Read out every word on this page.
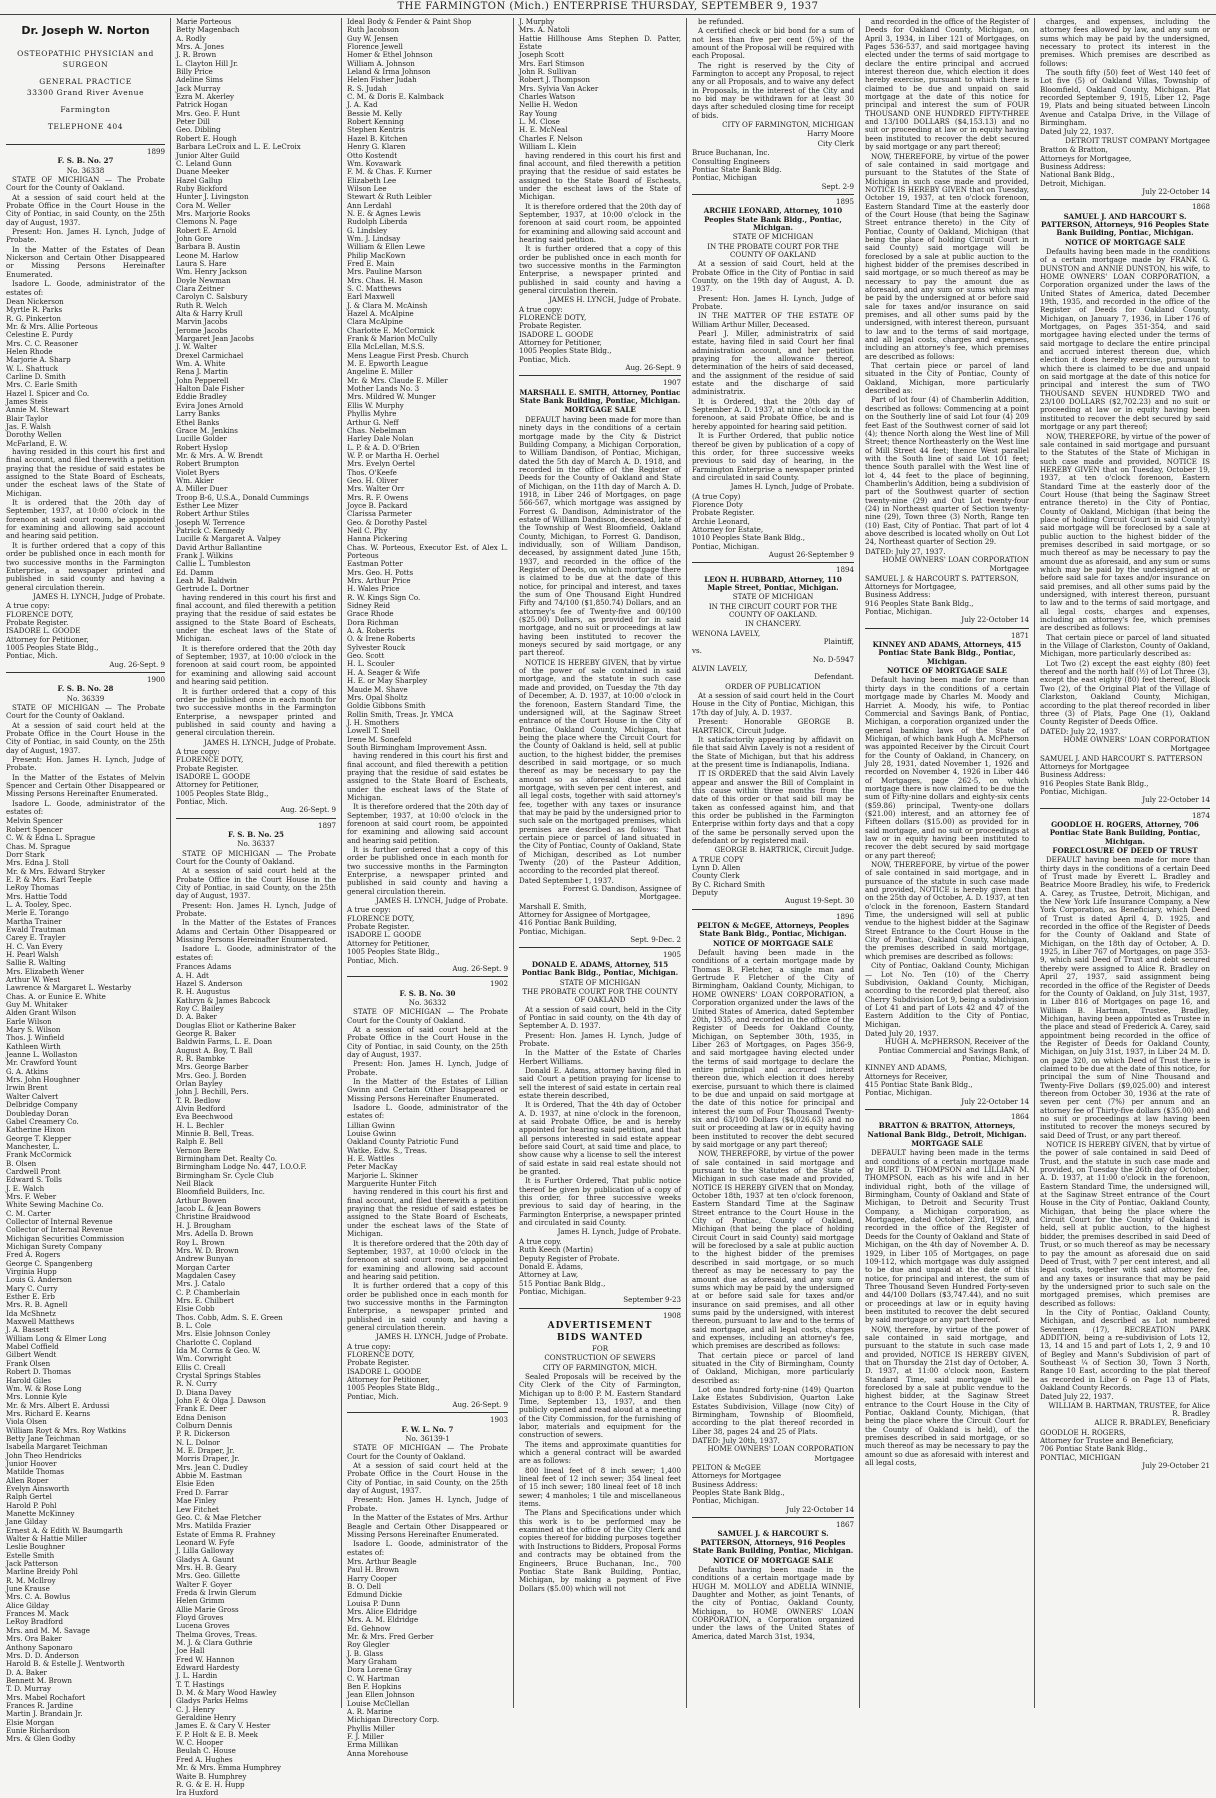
THE FARMINGTON (Mich.) ENTERPRISE THURSDAY, SEPTEMBER 9, 1937
Dr. Joseph W. Norton
OSTEOPATHIC PHYSICIAN and
SURGEON
GENERAL PRACTICE
33300 Grand River Avenue
Farmington
TELEPHONE 404

1899

F. S. B. No. 27

No. 36338

STATE OF MICHIGAN — The Probate Court for the County of Oakland.

At a session of said court held at the Probate Office in the Court House in the City of Pontiac, in said County, on the 25th day of August, 1937.

Present: Hon. James H. Lynch, Judge of Probate.

In the Matter of the Estates of Dean Nickerson and Certain Other Disappeared or Missing Persons Hereinafter Enumerated.

Isadore L. Goode, administrator of the estates of:

Dean Nickerson

Myrtle R. Parks

R. G. Pinkerton

Mr. & Mrs. Allie Porteous

Celestine E. Purdy

Mrs. C. C. Reasoner

Helen Rhode

Marjorie A. Sharp

W. L. Shattuck

Carline D. Smith

Mrs. C. Earle Smith

Hazel I. Spicer and Co.

James Steis

Annie M. Stewart

Blair Taylor

Jas. F. Walsh

Dorothy Wellen

McFarland, E. W.

having resided in this court his first and final account, and filed therewith a petition praying that the residue of said estates be assigned to the State Board of Escheats, under the escheat laws of the State of Michigan.

It is ordered that the 20th day of September, 1937, at 10:00 o'clock in the forenoon at said court room, be appointed for examining and allowing said account and hearing said petition.

It is further ordered that a copy of this order be published once in each month for two successive months in the Farmington Enterprise, a newspaper printed and published in said county and having a general circulation therein.

JAMES H. LYNCH, Judge of Probate.

A true copy:

FLORENCE DOTY,

Probate Register.

ISADORE L. GOODE

Attorney for Petitioner,

1005 Peoples State Bldg.,

Pontiac, Mich.

Aug. 26-Sept. 9

1900

F. S. B. No. 28

No. 36339

STATE OF MICHIGAN — The Probate Court for the County of Oakland.

At a session of said court held at the Probate Office in the Court House in the City of Pontiac, in said County, on the 25th day of August, 1937.

Present: Hon. James H. Lynch, Judge of Probate.

In the Matter of the Estates of Melvin Spencer and Certain Other Disappeared or Missing Persons Hereinafter Enumerated.

Isadore L. Goode, administrator of the estates of:

Melvin Spencer

Robert Spencer

C. W. & Edna L. Sprague

Chas. M. Sprague

Dorr Stark

Mrs. Edna J. Stoll

Mr. & Mrs. Edward Stryker

E. P. & Mrs. Earl Teeple

LeRoy Thomas

Mrs. Hattie Todd

L. A. Tooley, Spec.

Merle E. Torango

Martha Trainer

Ewald Trautman

Carey E. Trayler

H. C. Van Every

H. Pearl Walsh

Sallie R. Walting

Mrs. Elizabeth Wener

Arthur W. West

Lawrence & Margaret L. Westarby

Chas. A. or Eunice E. White

Guy M. Whitaker

Alden Grant Wilson

Earle Wilson

Mary S. Wilson

Thos. J. Winfield

Kathleen Wirth

Jeanne L. Wollaston

Mr. Crawford Yount

G. A. Atkins

Mrs. John Houghner

Irwin Brent

Walter Calvert

Delbridge Company

Doubleday Doran

Gabel Creamery Co.

Katherine Hixon

George T. Klepper

Manchester, L.

Frank McCormick

B. Olsen

Cardwell Pront

Edward S. Tolls

J. E. Walch

Mrs. F. Weber

White Sewing Machine Co.

C. M. Carter

Collector of Internal Revenue

Collector of Internal Revenue

Michigan Securities Commission

Michigan Surety Company

Fred A. Rogers

George C. Spangenberg

Virginia Hupp

Louis G. Anderson

Mary C. Curry

Esther E. Erb

Mrs. R. B. Agnell

Ida McShnetz

Maxwell Matthews

J. A. Bassett

William Long & Elmer Long

Mabel Coffield

Gilbert Wendt

Frank Olsen

Robert D. Thomas

Harold Giles

Wm. W. & Rose Long

Mrs. Lonnie Kyle

Mr. & Mrs. Albert E. Ardussi

Mrs. Richard E. Kearns

Viola Olsen

William Royt & Mrs. Roy Watkins

Betty Jane Teichman

Isabella Margaret Teichman

John Theo Hendricks

Junior Hoover

Matilde Thomas

Allen Roper

Evelyn Ainsworth

Ralph Gertel

Harold P. Pohl

Manette McKinney

Jane Gilday

Ernest A. & Edith W. Baumgarth

Walter & Hattie Miller

Leslie Boughner

Estelle Smith

Jack Patterson

Marline Breidy Pohl

R. M. McIlroy

June Krause

Mrs. C. A. Bowlus

Alice Gilday

Frances M. Mack

LeRoy Bradford

Mrs. and M. M. Savage

Mrs. Ora Baker

Anthony Saponaro

Mrs. D. D. Anderson

Harold B. & Estelle J. Wentworth

D. A. Baker

Bennett M. Brown

T. D. Murray

Mrs. Mabel Rochafort

Frances R. Jardine

Martin J. Brandain Jr.

Elsie Morgan

Eunie Richardson

Mrs. & Glen Godby

Marie Porteous

Betty Magenbach

A. Rodly

Mrs. A. Jones

J. R. Brown

L. Clayton Hill Jr.

Billy Price

Adeline Sims

Jack Murray

Ezra M. Akerley

Patrick Hogan

Mrs. Geo. F. Hunt

Peter Dill

Geo. Dibling

Robert E. Hough

Barbara LeCroix and L. E. LeCroix

Junior Alter Guild

C. Leland Gunn

Duane Meeker

Hazel Gallup

Ruby Bickford

Hunter J. Livingston

Cora M. Weller

Mrs. Marjorie Rooks

Clemons N. Page

Robert E. Arnold

John Gore

Barbara B. Austin

Leone M. Harlow

Laura S. Hare

Wm. Henry Jackson

Doyle Newman

Clara Zeitner

Carolyn C. Salsbury

Ruth R. Welch

Alta & Harry Krull

Marvin Jacobs

Jerome Jacobs

Margaret Jean Jacobs

J. W. Walter

Drexel Carmichael

Wm. A. White

Rena J. Martin

John Pepperell

Halton Dale Fisher

Eddie Bradley

Evira Jones Arnold

Larry Banks

Ethel Banks

Grace M. Jenkins

Lucille Golder

Robert Hyslop

Mr. & Mrs. A. W. Brendt

Robert Brumpton

Violet Byers

Wm. Akier

A. Miller Duer

Troop B-6, U.S.A., Donald Cummings

Esther Lee Mizer

Robert Arthur Stiles

Joseph W. Terrence

Patrick C. Kennedy

Lucille & Margaret A. Valpey

David Arthur Ballantine

Frank J. Wilkins

Callie L. Tumbleston

Ed. Damm

Leah M. Baldwin

Gertrude L. Dortner

having rendered in this court his first and final account, and filed therewith a petition praying that the residue of said estates be assigned to the State Board of Escheats, under the escheat laws of the State of Michigan.

It is therefore ordered that the 20th day of September, 1937, at 10:00 o'clock in the forenoon at said court room, be appointed for examining and allowing said account and hearing said petition.

It is further ordered that a copy of this order be published once in each month for two successive months in the Farmington Enterprise, a newspaper printed and published in said county and having a general circulation therein.

JAMES H. LYNCH, Judge of Probate.

A true copy:

FLORENCE DOTY,

Probate Register.

ISADORE L. GOODE

Attorney for Petitioner,

1005 Peoples State Bldg.,

Pontiac, Mich.

Aug. 26-Sept. 9

1897

F. S. B. No. 25

No. 36337

STATE OF MICHIGAN — The Probate Court for the County of Oakland.

At a session of said court held at the Probate Office in the Court House in the City of Pontiac, in said County, on the 25th day of August, 1937.

Present: Hon. James H. Lynch, Judge of Probate.

In the Matter of the Estates of Frances Adams and Certain Other Disappeared or Missing Persons Hereinafter Enumerated.

Isadore L. Goode, administrator of the estates of:

Frances Adams

A. H. Adt

Hazel S. Anderson

R. H. Augustus

Kathryn & James Babcock

Roy C. Bailey

D. A. Baker

Douglas Eliot or Katherine Baker

George R. Baker

Baldwin Farms, L. E. Doan

August A. Boy, T. Ball

R. R. Bambke

Mrs. George Barber

Mrs. Geo. J. Borden

Orlan Bayley

John J. Bechill, Pers.

T. R. Bedlow

Alvin Bedford

Eva Beechwood

H. L. Bechler

Minnie B. Bell, Treas.

Ralph E. Bell

Vernon Bere

Birmingham Det. Realty Co.

Birmingham Lodge No. 447, I.O.O.F.

Birmingham Sr. Cycle Club

Neil Black

Bloomfield Builders, Inc.

Arthur Bowen

Jacob L. & Jean Bowers

Christine Braidwood

H. J. Brougham

Mrs. Adella D. Brown

Roy L. Brown

Mrs. W. D. Brown

Andrew Bunyan

Morgan Carter

Magdalen Casey

Mrs. J. Catalo

C. P. Chamberlain

Mrs. E. Chilbert

Elsie Cobb

Thos. Cobb, Adm. S. E. Green

B. L. Cole

Mrs. Elsie Johnson Conley

Charlotte C. Copland

Ida M. Corns & Geo. W.

Wm. Corwright

Ellis C. Creall

Crystal Springs Stables

R. N. Curry

D. Diana Davey

John F. & Olga J. Dawson

Frank E. Deer

Edna Denison

Colburn Dennis

P. R. Dickerson

N. L. Dolnor

M. E. Draper, Jr.

Morris Draper, Jr.

Mrs. Jean C. Dudley

Abbie M. Eastman

Elsie Eden

Fred D. Farrar

Mae Finley

Lew Fitchet

Geo. C. & Mae Fletcher

Mrs. Matilda Frazier

Estate of Emma R. Frahney

Leonard W. Fyfe

J. Lilla Galloway

Gladys A. Gaunt

Mrs. H. B. Geary

Mrs. Geo. Gillette

Walter F. Goyer

Freda & Irwin Glerum

Helen Grimm

Allie Marie Gross

Floyd Groves

Lucena Groves

Thelma Groves, Treas.

M. J. & Clara Guthrie

Joe Hall

Fred W. Hannon

Edward Hardesty

J. L. Hardin

T. T. Hastings

D. M. & Mary Wood Hawley

Gladys Parks Helms

C. J. Henry

Geraldine Henry

James E. & Cary V. Hester

F. P. Holt & E. B. Meek

W. C. Hooper

Beulah C. House

Fred A. Hughes

Mr. & Mrs. Emma Humphrey

Waite B. Humphrey

R. G. & E. H. Hupp

Ira Huxford

Ideal Body & Fender & Paint Shop

Ruth Jacobson

Guy W. Jensen

Florence Jewell

Homer & Ethel Johnson

William A. Johnson

Leland & Irma Johnson

Helen Fisher Judah

R. S. Judah

C. M. & Doris E. Kalmback

J. A. Kad

Bessie M. Kelly

Robert Kenning

Stephen Kentris

Hazel B. Kitchen

Henry G. Klaren

Otto Kostendt

Wm. Kovawark

F. M. & Chas. F. Kurner

Elizabeth Lee

Wilson Lee

Stewart & Ruth Leibler

Ann Lerdahl

N. E. & Agnes Lewis

Rudolph Liberda

G. Lindsley

Wm. J. Lindsay

William & Ellen Lewe

Philip MacKown

Fred E. Main

Mrs. Pauline Marson

Mrs. Chas. H. Mason

S. C. Matthews

Earl Maxwell

J. & Clara M. McAinsh

Hazel A. McAlpine

Clara McAlpine

Charlotte E. McCormick

Frank & Marion McCully

Ella McLellan, M.S.S.

Mens League First Presb. Church

M. E. Epworth League

Angeline E. Miller

Mr. & Mrs. Claude E. Miller

Mother Lands No. 3

Mrs. Mildred W. Munger

Ellis W. Murphy

Phyllis Myhre

Arthur G. Neff

Chas. Nebelman

Harley Dale Nolan

L. P. & A. D. O'Brien

W. P. or Martha H. Oerhel

Mrs. Evelyn Oertel

Thos. O'Keefe

Geo. H. Oliver

Mrs. Walter Orr

Mrs. R. F. Owens

Joyce B. Packard

Clarissa Parmeter

Geo. & Dorothy Pastel

Neil C. Phy

Hanna Pickering

Chas. W. Porteous, Executor Est. of Alex L. Porteous

Eastman Potter

Mrs. Geo. H. Potts

Mrs. Arthur Price

H. Wales Price

R. W. Kings Sign Co.

Sidney Reid

Grace Rhode

Dora Richman

A. A. Roberts

O. & Irene Roberts

Sylvester Rouck

Geo. Scott

H. L. Scouler

H. A. Seager & Wife

H. E. or May Sharpley

Maude M. Shave

Mrs. Opal Sholtz

Goldie Gibbons Smith

Rollin Smith, Treas. Jr. YMCA

J. H. Smothers

Lowell T. Snell

Irene M. Sonefeld

South Birmingham Improvement Assn.

having rendered in this court his first and final account, and filed therewith a petition praying that the residue of said estates be assigned to the State Board of Escheats, under the escheat laws of the State of Michigan.

It is therefore ordered that the 20th day of September, 1937, at 10:00 o'clock in the forenoon at said court room, be appointed for examining and allowing said account and hearing said petition.

It is further ordered that a copy of this order be published once in each month for two successive months in the Farmington Enterprise, a newspaper printed and published in said county and having a general circulation therein.

JAMES H. LYNCH, Judge of Probate.

A true copy:

FLORENCE DOTY,

Probate Register.

ISADORE L. GOODE

Attorney for Petitioner,

1005 Peoples State Bldg.,

Pontiac, Mich.

Aug. 26-Sept. 9

1902

F. S. B. No. 30

No. 36332

STATE OF MICHIGAN — The Probate Court for the County of Oakland.

At a session of said court held at the Probate Office in the Court House in the City of Pontiac, in said County, on the 25th day of August, 1937.

Present: Hon. James H. Lynch, Judge of Probate.

In the Matter of the Estates of Lillian Gwinn and Certain Other Disappeared or Missing Persons Hereinafter Enumerated.

Isadore L. Goode, administrator of the estates of:

Lillian Gwinn

Louise Gwinn

Oakland County Patriotic Fund

Watke, Edw. S., Treas.

H. E. Wattles

Peter MacKay

Marjorie L. Skinner

Marguerite Hunter Fitch

having rendered in this court his first and final account, and filed therewith a petition praying that the residue of said estates be assigned to the State Board of Escheats, under the escheat laws of the State of Michigan.

It is therefore ordered that the 20th day of September, 1937, at 10:00 o'clock in the forenoon at said court room, be appointed for examining and allowing said account and hearing said petition.

It is further ordered that a copy of this order be published once in each month for two successive months in the Farmington Enterprise, a newspaper printed and published in said county and having a general circulation therein.

JAMES H. LYNCH, Judge of Probate.

A true copy:

FLORENCE DOTY,

Probate Register.

ISADORE L. GOODE

Attorney for Petitioner,

1005 Peoples State Bldg.,

Pontiac, Mich.

Aug. 26-Sept. 9

1903

F. W. L. No. 7

No. 36139-1

STATE OF MICHIGAN — The Probate Court for the County of Oakland.

At a session of said court held at the Probate Office in the Court House in the City of Pontiac, in said County, on the 25th day of August, 1937.

Present: Hon. James H. Lynch, Judge of Probate.

In the Matter of the Estates of Mrs. Arthur Beagle and Certain Other Disappeared or Missing Persons Hereinafter Enumerated.

Isadore L. Goode, administrator of the estates of:

Mrs. Arthur Beagle

Paul H. Brown

Harry Cooper

B. O. Dell

Edmund Dickie

Louisa P. Dunn

Mrs. Alice Eldridge

Mrs. A. M. Eldridge

Ed. Gehnow

Mr. & Mrs. Fred Gerber

Roy Glegler

J. B. Glass

Mary Graham

Dora Lorene Gray

C. W. Hartman

Ben F. Hopkins

Jean Ellen Johnson

Louise McClellan

A. R. Marine

Michigan Directory Corp.

Phyllis Miller

F. J. Miller

Erma Millikan

Anna Morehouse

J. Murphy

Mrs. A. Natoli

Hattie Hillhouse Ams Stephen D. Patter, Estate

Joseph Scott

Mrs. Earl Stimson

John R. Sullivan

Robert J. Thompson

Mrs. Sylvia Van Acker

Charles Watson

Nellie H. Wedon

Ray Young

L. M. Close

H. E. McNeal

Charles F. Nelson

William L. Klein

having rendered in this court his first and final account, and filed therewith a petition praying that the residue of said estates be assigned to the State Board of Escheats, under the escheat laws of the State of Michigan.

It is therefore ordered that the 20th day of September, 1937, at 10:00 o'clock in the forenoon at said court room, be appointed for examining and allowing said account and hearing said petition.

It is further ordered that a copy of this order be published once in each month for two successive months in the Farmington Enterprise, a newspaper printed and published in said county and having a general circulation therein.

JAMES H. LYNCH, Judge of Probate.

A true copy:

FLORENCE DOTY,

Probate Register.

ISADORE L. GOODE

Attorney for Petitioner,

1005 Peoples State Bldg.,

Pontiac, Mich.

Aug. 26-Sept. 9

1907

MARSHALL E. SMITH, Attorney, Pontiac State Bank Building, Pontiac, Michigan.

MORTGAGE SALE

DEFAULT having been made for more than ninety days in the conditions of a certain mortgage made by the City & District Building Company, a Michigan Corporation, to William Dandison, of Pontiac, Michigan, dated the 5th day of March A. D. 1918, and recorded in the office of the Register of Deeds for the County of Oakland and State of Michigan, on the 11th day of March A. D. 1918, in Liber 246 of Mortgages, on page 566-567, which mortgage was assigned by Forrest G. Dandison, Administrator of the estate of William Dandison, deceased, late of the Township of West Bloomfield, Oakland County, Michigan, to Forrest G. Dandison, individually, son of William Dandison, deceased, by assignment dated June 15th, 1937, and recorded in the office of the Register of Deeds, on which mortgage there is claimed to be due at the date of this notice, for principal and interest, and taxes the sum of One Thousand Eight Hundred Fifty and 74/100 ($1,850.74) Dollars, and an attorney's fee of Twenty-five and 00/100 ($25.00) Dollars, as provided for in said mortgage, and no suit or proceedings at law having been instituted to recover the moneys secured by said mortgage, or any part thereof.

NOTICE IS HEREBY GIVEN, that by virtue of the power of sale contained in said mortgage, and the statute in such case made and provided, on Tuesday the 7th day of December, A. D. 1937, at 10:00 o'clock in the forenoon, Eastern Standard Time, the undersigned will, at the Saginaw Street entrance of the Court House in the City of Pontiac, Oakland County, Michigan, that being the place where the Circuit Court for the County of Oakland is held, sell at public auction, to the highest bidder, the premises described in said mortgage, or so much thereof as may be necessary to pay the amount so as aforesaid due on said mortgage, with seven per cent interest, and all legal costs, together with said attorney's fee, together with any taxes or insurance that may be paid by the undersigned prior to such sale on the mortgaged premises, which premises are described as follows: That certain piece or parcel of land situated in the City of Pontiac, County of Oakland, State of Michigan, described as Lot number Twenty (20) of the Pasteur Addition, according to the recorded plat thereof.

Dated September 1, 1937.

Forrest G. Dandison, Assignee of Mortgagee.

Marshall E. Smith,

Attorney for Assignee of Mortgagee,

416 Pontiac Bank Building,

Pontiac, Michigan.

Sept. 9-Dec. 2

1905

DONALD E. ADAMS, Attorney, 515 Pontiac Bank Bldg., Pontiac, Michigan.

STATE OF MICHIGAN

THE PROBATE COURT FOR THE COUNTY OF OAKLAND

At a session of said court, held in the City of Pontiac in said county, on the 4th day of September A. D. 1937.

Present: Hon. James H. Lynch, Judge of Probate.

In the Matter of the Estate of Charles Herbert Williams.

Donald E. Adams, attorney having filed in said Court a petition praying for license to sell the interest of said estate in certain real estate therein described,

It is Ordered, That the 4th day of October A. D. 1937, at nine o'clock in the forenoon, at said Probate Office, be and is hereby appointed for hearing said petition, and that all persons interested in said estate appear before said Court, at said time and place, to show cause why a license to sell the interest of said estate in said real estate should not be granted.

It is Further Ordered, That public notice thereof be given by publication of a copy of this order, for three successive weeks previous to said day of hearing, in the Farmington Enterprise, a newspaper printed and circulated in said County.

James H. Lynch, Judge of Probate.

A true copy.

Ruth Keech (Martin)

Deputy Register of Probate.

Donald E. Adams,

Attorney at Law,

515 Pontiac Bank Bldg.,

Pontiac, Michigan.

September 9-23

1908

ADVERTISEMENT

BIDS WANTED

FOR

CONSTRUCTION OF SEWERS

CITY OF FARMINGTON, MICH.

Sealed Proposals will be received by the City Clerk of the City of Farmington, Michigan up to 8:00 P. M. Eastern Standard Time, September 13, 1937, and then publicly opened and read aloud at a meeting of the City Commission, for the furnishing of labor, materials and equipment for the construction of sewers.

The items and approximate quantities for which a general contract will be awarded are as follows:

800 lineal feet of 8 inch sewer; 1,400 lineal feet of 12 inch sewer; 354 lineal feet of 15 inch sewer; 180 lineal feet of 18 inch sewer; 4 manholes; 1 tile and miscellaneous items.

The Plans and Specifications under which this work is to be performed may be examined at the office of the City Clerk and copies thereof for bidding purposes together with Instructions to Bidders, Proposal Forms and contracts may be obtained from the Engineers, Bruce Buchanan, Inc., 700 Pontiac State Bank Building, Pontiac, Michigan, by making a payment of Five Dollars ($5.00) which will not

be refunded.

A certified check or bid bond for a sum of not less than five per cent (5%) of the amount of the Proposal will be required with each Proposal.

The right is reserved by the City of Farmington to accept any Proposal, to reject any or all Proposals, and to waive any defect in Proposals, in the interest of the City and no bid may be withdrawn for at least 30 days after scheduled closing time for receipt of bids.

CITY OF FARMINGTON, MICHIGAN

Harry Moore

City Clerk

Bruce Buchanan, Inc.

Consulting Engineers

Pontiac State Bank Bldg.

Pontiac, Michigan

Sept. 2-9

1895

ARCHIE LEONARD, Attorney, 1010 Peoples State Bank Bldg., Pontiac, Michigan.

STATE OF MICHIGAN

IN THE PROBATE COURT FOR THE COUNTY OF OAKLAND

At a session of said Court, held at the Probate Office in the City of Pontiac in said County, on the 19th day of August, A. D. 1937.

Present: Hon. James H. Lynch, Judge of Probate.

IN THE MATTER OF THE ESTATE OF William Arthur Miller, Deceased.

Pearl J. Miller, administratrix of said estate, having filed in said Court her final administration account, and her petition praying for the allowance thereof, determination of the heirs of said deceased, and the assignment of the residue of said estate and the discharge of said administratrix.

It is Ordered, that the 20th day of September A. D. 1937, at nine o'clock in the forenoon, at said Probate Office, be and is hereby appointed for hearing said petition.

It is Further Ordered, that public notice thereof be given by publication of a copy of this order, for three successive weeks previous to said day of hearing, in the Farmington Enterprise a newspaper printed and circulated in said County.

James H. Lynch, Judge of Probate.

(A true Copy)

Florence Doty

Probate Register.

Archie Leonard,

Attorney for Estate,

1010 Peoples State Bank Bldg.,

Pontiac, Michigan.

August 26-September 9

1894

LEON H. HUBBARD, Attorney, 110 Maple Street, Pontiac, Michigan.

STATE OF MICHIGAN

IN THE CIRCUIT COURT FOR THE COUNTY OF OAKLAND.

IN CHANCERY.

WENONA LAVELY,

Plaintiff,

vs.

No. D-5947

ALVIN LAVELY,

Defendant.

ORDER OF PUBLICATION

At a session of said court held in the Court House in the City of Pontiac, Michigan, this 17th day of July, A. D. 1937.

Present: Honorable GEORGE B. HARTRICK, Circuit Judge.

It satisfactorily appearing by affidavit on file that said Alvin Lavely is not a resident of the State of Michigan, but that his address at the present time is Indianapolis, Indiana.

IT IS ORDERED that the said Alvin Lavely appear and answer the Bill of Complaint in this cause within three months from the date of this order or that said bill may be taken as confessed against him, and that this order be published in the Farmington Enterprise within forty days and that a copy of the same be personally served upon the defendant or by registered mail.

GEORGE B. HARTRICK, Circuit Judge.

A TRUE COPY

Lynn D. Allen

County Clerk

By C. Richard Smith

Deputy

August 19-Sept. 30

1896

PELTON & McGEE, Attorneys, Peoples State Bank Bldg., Pontiac, Michigan.

NOTICE OF MORTGAGE SALE

Default having been made in the conditions of a certain mortgage made by Thomas B. Fletcher, a single man and Gertrude F. Fletcher of the City of Birmingham, Oakland County, Michigan, to HOME OWNERS' LOAN CORPORATION, a Corporation organized under the laws of the United States of America, dated September 20th, 1935, and recorded in the office of the Register of Deeds for Oakland County, Michigan, on September 30th, 1935, in Liber 263 of Mortgages, on Pages 356-9, and said mortgagee having elected under the terms of said mortgage to declare the entire principal and accrued interest thereon due, which election it does hereby exercise, pursuant to which there is claimed to be due and unpaid on said mortgage at the date of this notice for principal and interest the sum of Four Thousand Twenty-six and 63/100 Dollars ($4,026.63) and no suit or proceeding at law or in equity having been instituted to recover the debt secured by said mortgage or any part thereof;

NOW, THEREFORE, by virtue of the power of sale contained in said mortgage and pursuant to the Statutes of the State of Michigan in such case made and provided, NOTICE IS HEREBY GIVEN that on Monday, October 18th, 1937 at ten o'clock forenoon, Eastern Standard Time at the Saginaw Street entrance to the Court House in the City of Pontiac, County of Oakland, Michigan (that being the place of holding Circuit Court in said County) said mortgage will be foreclosed by a sale at public auction to the highest bidder of the premises described in said mortgage, or so much thereof as may be necessary to pay the amount due as aforesaid, and any sum or sums which may be paid by the undersigned at or before said sale for taxes and/or insurance on said premises, and all other sums paid by the undersigned, with interest thereon, pursuant to law and to the terms of said mortgage, and all legal costs, charges and expenses, including an attorney's fee, which premises are described as follows:

That certain piece or parcel of land situated in the City of Birmingham, County of Oakland, Michigan, more particularly described as:

Lot one hundred forty-nine (149) Quarton Lake Estates Subdivision, Quarton Lake Estates Subdivision, Village (now City) of Birmingham, Township of Bloomfield, according to the plat thereof recorded in Liber 38, pages 24 and 25 of Plats.

DATED: July 20th, 1937.

HOME OWNERS' LOAN CORPORATION

Mortgagee

PELTON & McGEE

Attorneys for Mortgagee

Business Address:

Peoples State Bank Bldg.,

Pontiac, Michigan.

July 22-October 14

1867

SAMUEL J. & HARCOURT S. PATTERSON, Attorneys, 916 Peoples State Bank Building, Pontiac, Michigan.

NOTICE OF MORTGAGE SALE

Defaults having been made in the conditions of a certain mortgage made by HUGH M. MOLLOY and ADELIA WINNIE, Daughter and Mother, as joint Tenants, of the city of Pontiac, Oakland County, Michigan, to HOME OWNERS' LOAN CORPORATION, a Corporation organized under the laws of the United States of America, dated March 31st, 1934,

and recorded in the office of the Register of Deeds for Oakland County, Michigan, on April 3, 1934, in Liber 121 of Mortgages, on Pages 536-537, and said mortgagee having elected under the terms of said mortgage to declare the entire principal and accrued interest thereon due, which election it does hereby exercise, pursuant to which there is claimed to be due and unpaid on said mortgage at the date of this notice for principal and interest the sum of FOUR THOUSAND ONE HUNDRED FIFTY-THREE and 13/100 DOLLARS ($4,153.13) and no suit or proceeding at law or in equity having been instituted to recover the debt secured by said mortgage or any part thereof;

NOW, THEREFORE, by virtue of the power of sale contained in said mortgage and pursuant to the Statutes of the State of Michigan in such case made and provided, NOTICE IS HEREBY GIVEN that on Tuesday, October 19, 1937, at ten o'clock forenoon, Eastern Standard Time at the easterly door of the Court House (that being the Saginaw Street entrance thereto) in the City of Pontiac, County of Oakland, Michigan (that being the place of holding Circuit Court in said County) said mortgage will be foreclosed by a sale at public auction to the highest bidder of the premises described in said mortgage, or so much thereof as may be necessary to pay the amount due as aforesaid, and any sum or sums which may be paid by the undersigned at or before said sale for taxes and/or insurance on said premises, and all other sums paid by the undersigned, with interest thereon, pursuant to law and to the terms of said mortgage, and all legal costs, charges and expenses, including an attorney's fee, which premises are described as follows:

That certain piece or parcel of land situated in the City of Pontiac, County of Oakland, Michigan, more particularly described as:

Part of lot four (4) of Chamberlin Addition, described as follows: Commencing at a point on the Southerly line of said Lot four (4) 209 feet East of the Southwest corner of said lot (4); thence North along the West line of Mill Street; thence Northeasterly on the West line of Mill Street 44 feet; thence West parallel with the South line of said Lot 101 feet; thence South parallel with the West line of lot 4, 44 feet to the place of beginning, Chamberlin's Addition, being a subdivision of part of the Southwest quarter of section twenty-nine (29) and Out Lot twenty-four (24) in Northeast quarter of Section twenty-nine (29), Town three (3) North, Range ten (10) East, City of Pontiac. That part of lot 4 above described is located wholly on Out Lot 24, Northeast quarter of Section 29.

DATED: July 27, 1937.

HOME OWNERS' LOAN CORPORATION

Mortgagee

SAMUEL J. & HARCOURT S. PATTERSON,

Attorneys for Mortgagee,

Business Address:

916 Peoples State Bank Bldg.,

Pontiac, Michigan.

July 22-October 14

1871

KINNEY AND ADAMS, Attorneys, 415 Pontiac State Bank Bldg., Pontiac, Michigan.

NOTICE OF MORTGAGE SALE

Default having been made for more than thirty days in the conditions of a certain mortgage made by Charles M. Moody and Harriet A. Moody, his wife, to Pontiac Commercial and Savings Bank, of Pontiac, Michigan, a corporation organized under the general banking laws of the State of Michigan, of which bank Hugh A. McPherson was appointed Receiver by the Circuit Court for the County of Oakland, in Chancery, on July 28, 1931, dated November 1, 1926 and recorded on November 4, 1926 in Liber 446 of Mortgages, page 262-5, on which mortgage there is now claimed to be due the sum of Fifty-nine dollars and eighty-six cents ($59.86) principal, Twenty-one dollars ($21.00) interest, and an attorney fee of Fifteen dollars ($15.00) as provided for in said mortgage, and no suit or proceedings at law or in equity having been instituted to recover the debt secured by said mortgage or any part thereof;

NOW, THEREFORE, by virtue of the power of sale contained in said mortgage, and in pursuance of the statute in such case made and provided, NOTICE is hereby given that on the 25th day of October, A. D. 1937, at ten o'clock in the forenoon, Eastern Standard Time, the undersigned will sell at public vendue to the highest bidder at the Saginaw Street Entrance to the Court House in the City of Pontiac, Oakland County, Michigan, the premises described in said mortgage, which premises are described as follows:

City of Pontiac, Oakland County, Michigan — Lot No. Ten (10) of the Cherry Subdivision, Oakland County, Michigan, according to the recorded plat thereof, also Cherry Subdivision Lot 9, being a subdivision of Lot 41 and part of Lots 42 and 47 of the Eastern Addition to the City of Pontiac, Michigan.

Dated July 20, 1937.

HUGH A. McPHERSON, Receiver of the Pontiac Commercial and Savings Bank, of Pontiac, Michigan.

KINNEY AND ADAMS,

Attorneys for Receiver,

415 Pontiac State Bank Bldg.,

Pontiac, Michigan.

July 22-October 14

1864

BRATTON & BRATTON, Attorneys, National Bank Bldg., Detroit, Michigan.

MORTGAGE SALE

DEFAULT having been made in the terms and conditions of a certain mortgage made by BURT D. THOMPSON and LILLIAN M. THOMPSON, each as his wife and in her individual right, both of the village of Birmingham, County of Oakland and State of Michigan, to Detroit and Security Trust Company, a Michigan corporation, as Mortgagee, dated October 23rd, 1929, and recorded in the office of the Register of Deeds for the County of Oakland and State of Michigan, on the 4th day of November A. D. 1929, in Liber 105 of Mortgages, on page 109-112, which mortgage was duly assigned to be due and unpaid at the date of this notice, for principal and interest, the sum of Three Thousand Seven Hundred Forty-seven and 44/100 Dollars ($3,747.44), and no suit or proceedings at law or in equity having been instituted to recover the debt secured by said mortgage or any part thereof.

NOW, therefore, by virtue of the power of sale contained in said mortgage, and pursuant to the statute in such case made and provided, NOTICE IS HEREBY GIVEN, that on Thursday the 21st day of October, A. D. 1937, at 11:00 o'clock noon, Eastern Standard Time, said mortgage will be foreclosed by a sale at public vendue to the highest bidder, at the Saginaw Street entrance to the Court House in the City of Pontiac, Oakland County, Michigan, (that being the place where the Circuit Court for the County of Oakland is held), of the premises described in said mortgage, or so much thereof as may be necessary to pay the amount so due as aforesaid with interest and all legal costs,

charges, and expenses, including the attorney fees allowed by law, and any sum or sums which may be paid by the undersigned, necessary to protect its interest in the premises. Which premises are described as follows:

The south fifty (50) feet of West 140 feet of Lot five (5) of Oakland Villas, Township of Bloomfield, Oakland County, Michigan. Plat recorded September 9, 1915, Liber 12, Page 19, Plats and being situated between Lincoln Avenue and Catalpa Drive, in the Village of Birmingham.

Dated July 22, 1937.

DETROIT TRUST COMPANY Mortgagee

Bratton & Bratton,

Attorneys for Mortgagee,

Business Address:

National Bank Bldg.,

Detroit, Michigan.

July 22-October 14

1868

SAMUEL J. AND HARCOURT S. PATTERSON, Attorneys, 916 Peoples State Bank Building, Pontiac, Michigan.

NOTICE OF MORTGAGE SALE

Defaults having been made in the conditions of a certain mortgage made by FRANK G. DUNSTON and ANNIE DUNSTON, his wife, to HOME OWNERS' LOAN CORPORATION, a Corporation organized under the laws of the United States of America, dated December 19th, 1935, and recorded in the office of the Register of Deeds for Oakland County, Michigan, on January 7, 1936, in Liber 176 of Mortgages, on Pages 351-354, and said mortgagee having elected under the terms of said mortgage to declare the entire principal and accrued interest thereon due, which election it does hereby exercise, pursuant to which there is claimed to be due and unpaid on said mortgage at the date of this notice for principal and interest the sum of TWO THOUSAND SEVEN HUNDRED TWO and 23/100 DOLLARS ($2,702.23) and no suit or proceeding at law or in equity having been instituted to recover the debt secured by said mortgage or any part thereof;

NOW, THEREFORE, by virtue of the power of sale contained in said mortgage and pursuant to the Statutes of the State of Michigan in such case made and provided, NOTICE IS HEREBY GIVEN that on Tuesday, October 19, 1937, at ten o'clock forenoon, Eastern Standard Time at the easterly door of the Court House (that being the Saginaw Street entrance thereto) in the City of Pontiac, County of Oakland, Michigan (that being the place of holding Circuit Court in said County) said mortgage will be foreclosed by a sale at public auction to the highest bidder of the premises described in said mortgage, or so much thereof as may be necessary to pay the amount due as aforesaid, and any sum or sums which may be paid by the undersigned at or before said sale for taxes and/or insurance on said premises, and all other sums paid by the undersigned, with interest thereon, pursuant to law and to the terms of said mortgage, and all legal costs, charges and expenses, including an attorney's fee, which premises are described as follows:

That certain piece or parcel of land situated in the Village of Clarkston, County of Oakland, Michigan, more particularly described as:

Lot Two (2) except the east eighty (80) feet thereof and the north half (½) of Lot Three (3), except the east eighty (80) feet thereof, Block Two (2), of the Original Plat of the Village of Clarkston, Oakland County, Michigan, according to the plat thereof recorded in liber three (3) of Plats, Page One (1), Oakland County Register of Deeds Office.

DATED: July 22, 1937.

HOME OWNERS' LOAN CORPORATION

Mortgagee

SAMUEL J. AND HARCOURT S. PATTERSON

Attorneys for Mortgagee

Business Address:

916 Peoples State Bank Bldg.,

Pontiac, Michigan.

July 22-October 14

1874

GOODLOE H. ROGERS, Attorney, 706 Pontiac State Bank Building, Pontiac, Michigan.

FORECLOSURE OF DEED OF TRUST

DEFAULT having been made for more than thirty days in the conditions of a certain Deed of Trust made by Everett L. Bradley and Beatrice Moore Bradley, his wife, to Frederick A. Carey, as Trustee, Detroit, Michigan, and the New York Life Insurance Company, a New York Corporation, as Beneficiary, which Deed of Trust is dated April 4, D. 1925, and recorded in the office of the Register of Deeds for the County of Oakland and State of Michigan, on the 18th day of October, A. D. 1925, in Liber 767 of Mortgages, on page 353-9, which said Deed of Trust and debt secured thereby were assigned to Alice R. Bradley on April 27, 1937, said assignment being recorded in the office of the Register of Deeds for the County of Oakland, on July 31st, 1937, in Liber 816 of Mortgages on page 16, and William B. Hartman, Trustee, Bradley, Michigan, having been appointed as Trustee in the place and stead of Frederick A. Carey, said appointment being recorded in the office of the Register of Deeds for Oakland County, Michigan, on July 31st, 1937, in Liber 24 M. D. on page 320, on which Deed of Trust there is claimed to be due at the date of this notice, for principal the sum of Nine Thousand and Twenty-Five Dollars ($9,025.00) and interest thereon from October 30, 1936 at the rate of seven per cent (7%) per annum and an attorney fee of Thirty-five dollars ($35.00) and no suit or proceedings at law having been instituted to recover the moneys secured by said Deed of Trust, or any part thereof.

NOTICE IS HEREBY GIVEN, that by virtue of the power of sale contained in said Deed of Trust, and the statute in such case made and provided, on Tuesday the 26th day of October, A. D. 1937, at 11:00 o'clock in the forenoon, Eastern Standard Time, the undersigned will, at the Saginaw Street entrance of the Court House in the City of Pontiac, Oakland County, Michigan, that being the place where the Circuit Court for the County of Oakland is held, sell at public auction, to the highest bidder, the premises described in said Deed of Trust, or so much thereof as may be necessary to pay the amount as aforesaid due on said Deed of Trust, with 7 per cent interest, and all legal costs, together with said attorney fee, and any taxes or insurance that may be paid by the undersigned prior to such sale on the mortgaged premises, which premises are described as follows:

In the City of Pontiac, Oakland County, Michigan, and described as Lot numbered Seventeen (17), RECREATION PARK ADDITION, being a re-subdivision of Lots 12, 13, 14 and 15 and part of Lots 1, 2, 9 and 10 of Begley and Mann's Subdivision of part of Southeast ¼ of Section 30, Town 3 North, Range 10 East, according to the plat thereof as recorded in Liber 6 on Page 13 of Plats, Oakland County Records.

Dated July 22, 1937.

WILLIAM B. HARTMAN, TRUSTEE, for Alice R. Bradley

ALICE R. BRADLEY, Beneficiary

GOODLOE H. ROGERS,

Attorney for Trustee and Beneficiary,

706 Pontiac State Bank Bldg.,

PONTIAC, MICHIGAN

July 29-October 21
